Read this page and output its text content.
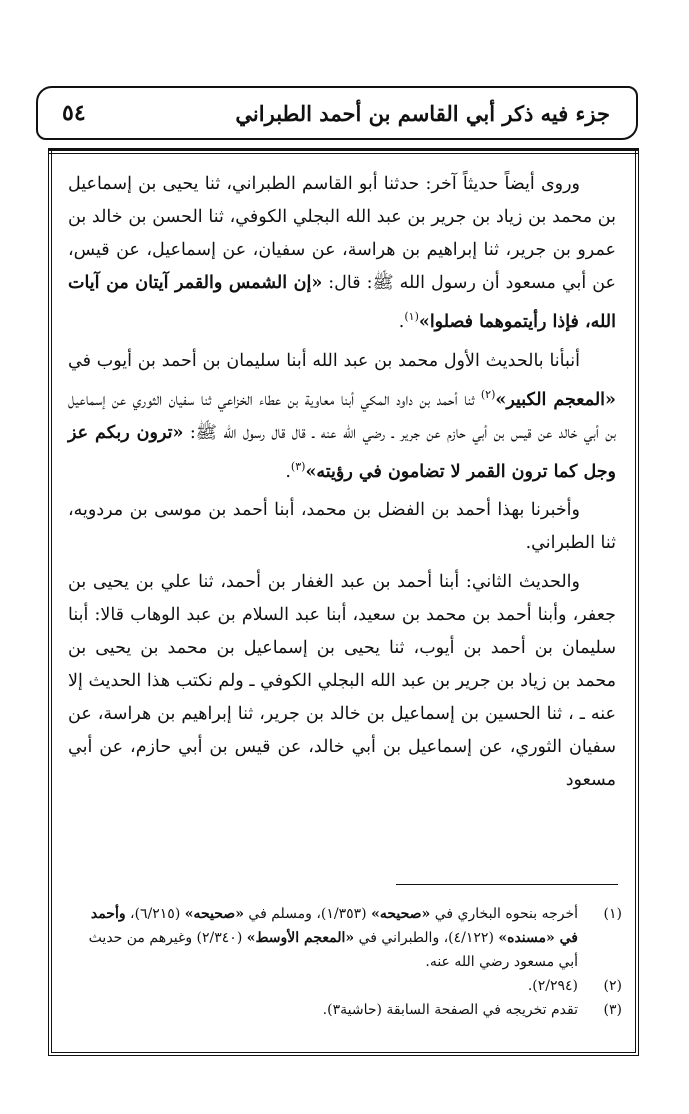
جزء فيه ذكر أبي القاسم بن أحمد الطبراني
٥٤

وروى أيضاً حديثاً آخر: حدثنا أبو القاسم الطبراني، ثنا يحيى بن إسماعيل بن محمد بن زياد بن جرير بن عبد الله البجلي الكوفي، ثنا الحسن بن خالد بن عمرو بن جرير، ثنا إبراهيم بن هراسة، عن سفيان، عن إسماعيل، عن قيس، عن أبي مسعود أن رسول الله ﷺ: قال: «إن الشمس والقمر آيتان من آيات الله، فإذا رأيتموهما فصلوا»$^{(١)}$.

أنبأنا بالحديث الأول محمد بن عبد الله أبنا سليمان بن أحمد بن أيوب في «المعجم الكبير»$^{(٢)}$ ثنا أحمد بن داود المكي أبنا معاوية بن عطاء الخزاعي ثنا سفيان الثوري عن إسماعيل بن أبي خالد عن قيس بن أبي حازم عن جرير ـ رضي الله عنه ـ قال قال رسول الله ﷺ: «ترون ربكم عز وجل كما ترون القمر لا تضامون في رؤيته»$^{(٣)}$.

وأخبرنا بهذا أحمد بن الفضل بن محمد، أبنا أحمد بن موسى بن مردويه، ثنا الطبراني.

والحديث الثاني: أبنا أحمد بن عبد الغفار بن أحمد، ثنا علي بن يحيى بن جعفر، وأبنا أحمد بن محمد بن سعيد، أبنا عبد السلام بن عبد الوهاب قالا: أبنا سليمان بن أحمد بن أيوب، ثنا يحيى بن إسماعيل بن محمد بن يحيى بن محمد بن زياد بن جرير بن عبد الله البجلي الكوفي ـ ولم نكتب هذا الحديث إلا عنه ـ ، ثنا الحسين بن إسماعيل بن خالد بن جرير، ثنا إبراهيم بن هراسة، عن سفيان الثوري، عن إسماعيل بن أبي خالد، عن قيس بن أبي حازم، عن أبي مسعود

(١)
أخرجه بنحوه البخاري في «صحيحه» (١/٣٥٣)، ومسلم في «صحيحه» (٦/٢١٥)، وأحمد في «مسنده» (٤/١٢٢)، والطبراني في «المعجم الأوسط» (٢/٣٤٠) وغيرهم من حديث أبي مسعود رضي الله عنه.
(٢)
(٢/٢٩٤).
(٣)
تقدم تخريجه في الصفحة السابقة (حاشية٣).
